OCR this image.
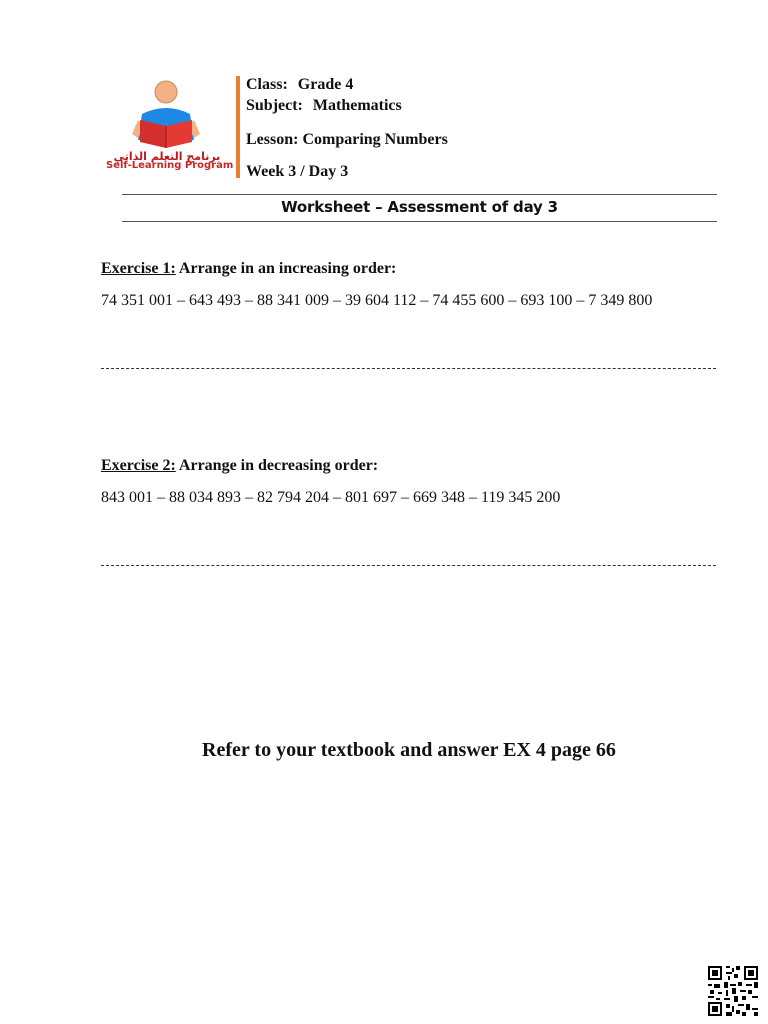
برنامج التعلم الذاتي
Self-Learning Program
Class: Grade 4
Subject: Mathematics
Lesson: Comparing Numbers
Week 3 / Day 3
Worksheet – Assessment of day 3
Exercise 1: Arrange in an increasing order:
74 351 001 – 643 493 – 88 341 009 – 39 604 112 – 74 455 600 – 693 100 – 7 349 800
Exercise 2: Arrange in decreasing order:
843 001 – 88 034 893 – 82 794 204 – 801 697 – 669 348 – 119 345 200
Refer to your textbook and answer EX 4 page 66
